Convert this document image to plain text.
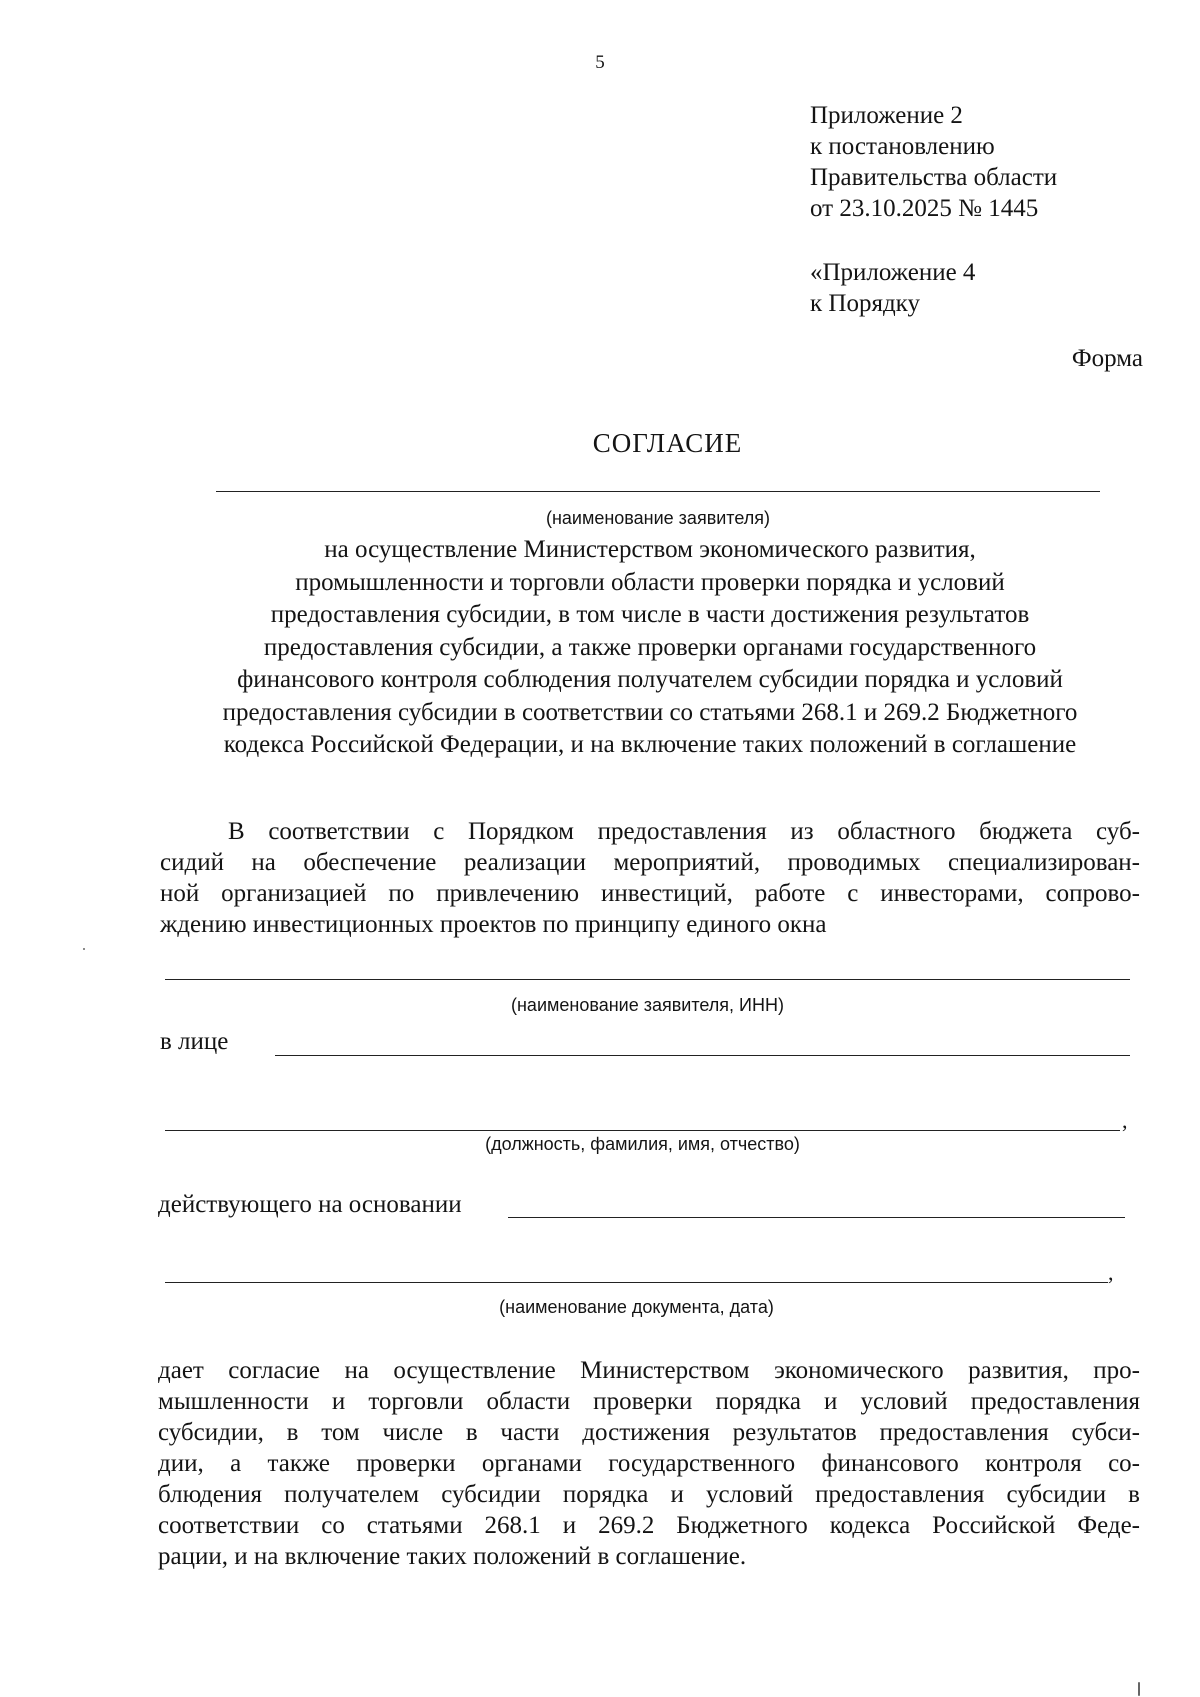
5
Приложение 2
к постановлению
Правительства области
от 23.10.2025 № 1445
«Приложение 4
к Порядку
Форма
СОГЛАСИЕ
(наименование заявителя)
на осуществление Министерством экономического развития,
промышленности и торговли области проверки порядка и условий
предоставления субсидии, в том числе в части достижения результатов
предоставления субсидии, а также проверки органами государственного
финансового контроля соблюдения получателем субсидии порядка и условий
предоставления субсидии в соответствии со статьями 268.1 и 269.2 Бюджетного
кодекса Российской Федерации, и на включение таких положений в соглашение
В соответствии с Порядком предоставления из областного бюджета суб-
сидий на обеспечение реализации мероприятий, проводимых специализирован-
ной организацией по привлечению инвестиций, работе с инвесторами, сопрово-
ждению инвестиционных проектов по принципу единого окна
(наименование заявителя, ИНН)
в лице
,
(должность, фамилия, имя, отчество)
действующего на основании
,
(наименование документа, дата)
дает согласие на осуществление Министерством экономического развития, про-
мышленности и торговли области проверки порядка и условий предоставления
субсидии, в том числе в части достижения результатов предоставления субси-
дии, а также проверки органами государственного финансового контроля со-
блюдения получателем субсидии порядка и условий предоставления субсидии в
соответствии со статьями 268.1 и 269.2 Бюджетного кодекса Российской Феде-
рации, и на включение таких положений в соглашение.
